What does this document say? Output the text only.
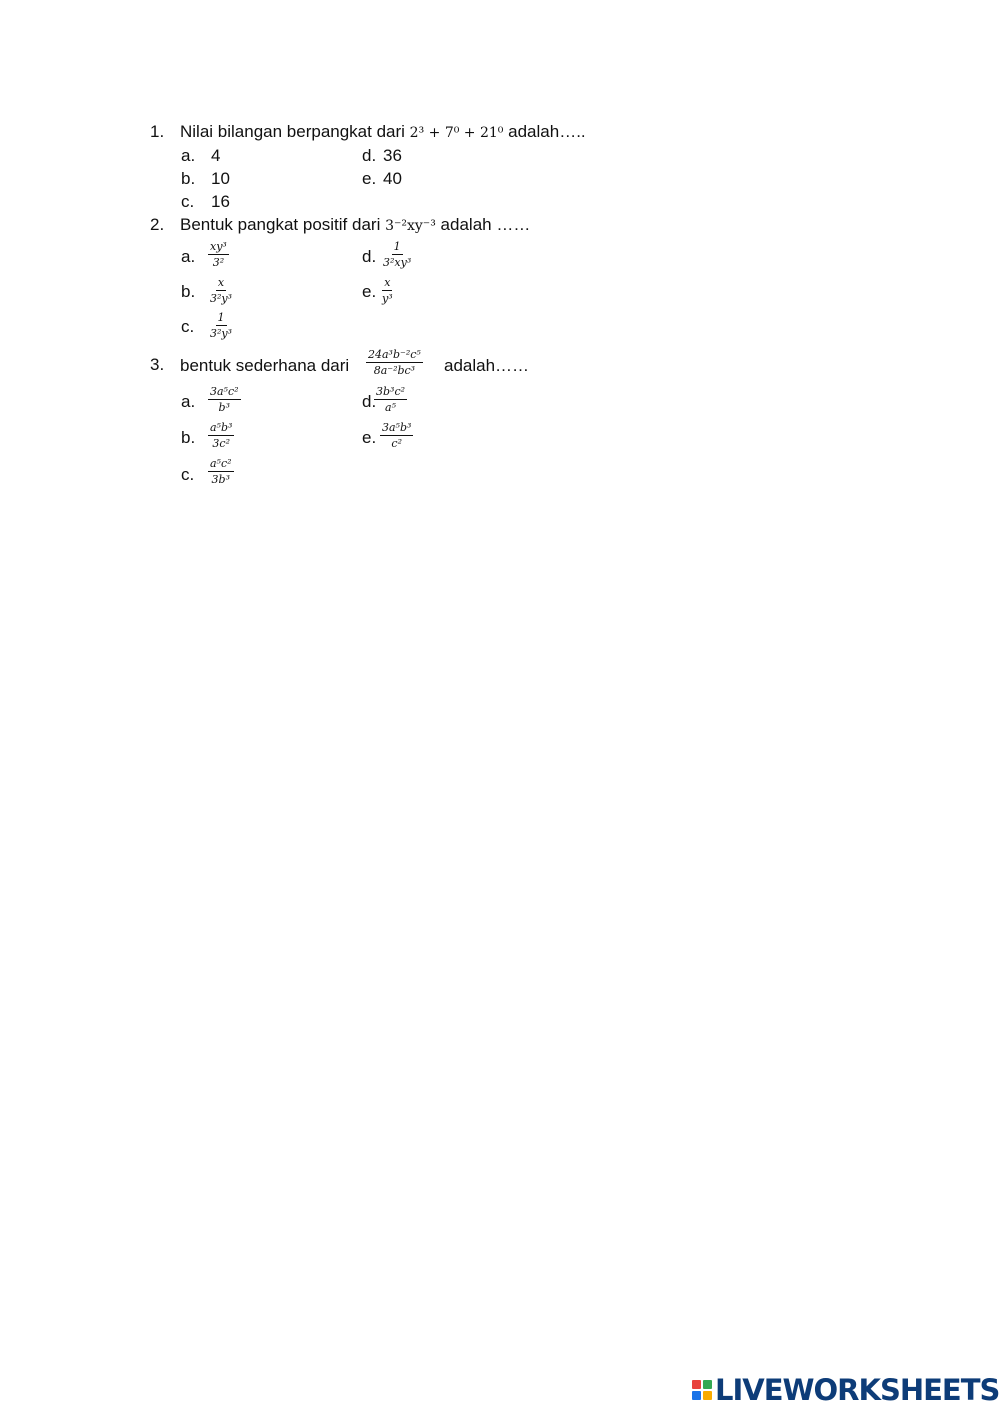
1. Nilai bilangan berpangkat dari 2³ + 7⁰ + 21⁰ adalah…..
a. 4
b. 10
c. 16
d. 36
e. 40
2. Bentuk pangkat positif dari 3⁻²xy⁻³ adalah ……
a. $\frac{\text{xy³}}{\text{3²}}$
b. $\frac{x}{\text{3²y³}}$
c. $\frac{1}{\text{3²y³}}$
d. $\frac{1}{\text{3²xy³}}$
e. $\frac{x}{\text{y³}}$
3. bentuk sederhana dari $\frac{\text{24a³b⁻²c⁵}}{\text{8a⁻²bc³}}$ adalah……
a. $\frac{\text{3a⁵c²}}{\text{b³}}$
b. $\frac{\text{a⁵b³}}{\text{3c²}}$
c. $\frac{\text{a⁵c²}}{\text{3b³}}$
d.
$\frac{\text{3b³c²}}{\text{a⁵}}$
e. $\frac{\text{3a⁵b³}}{\text{c²}}$
LIVEWORKSHEETS
